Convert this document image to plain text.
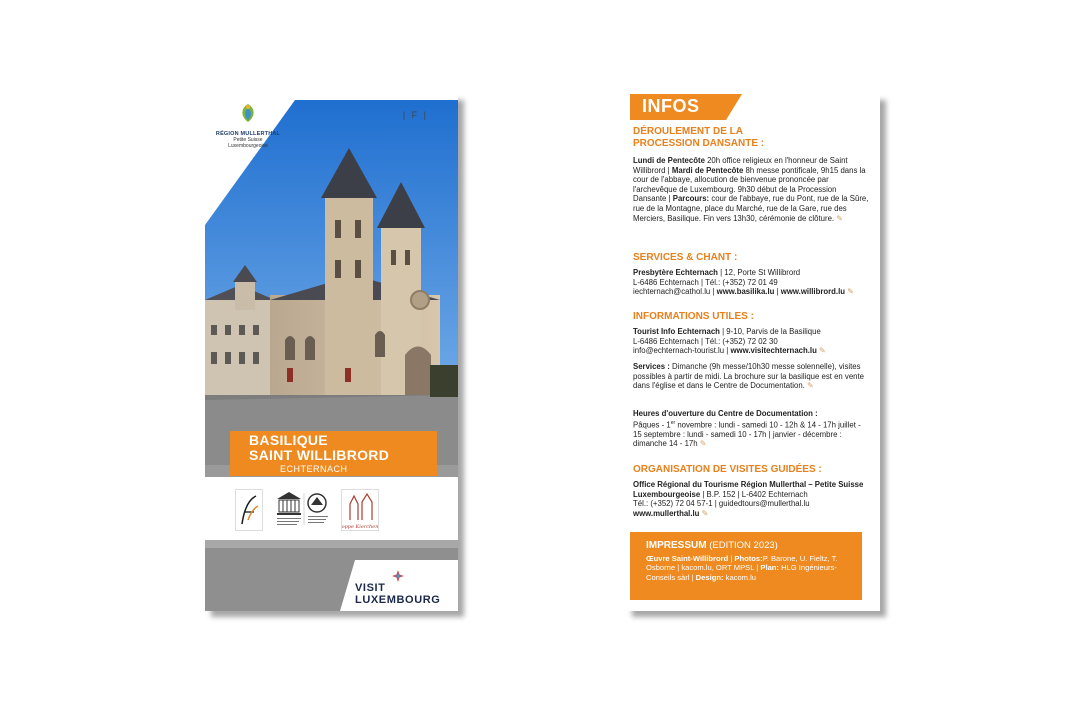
RÉGION MULLERTHAL
Petite Suisse
Luxembourgeoise
| F |
BASILIQUE
SAINT WILLIBRORD
ECHTERNACH
oppe Kierchen
VISIT
LUXEMBOURG
INFOS
DÉROULEMENT DE LA
PROCESSION DANSANTE :
Lundi de Pentecôte 20h office religieux en l'honneur de Saint Willibrord | Mardi de Pentecôte 8h messe pontificale, 9h15 dans la cour de l'abbaye, allocution de bienvenue prononcée par l'archevêque de Luxembourg. 9h30 début de la Procession Dansante | Parcours: cour de l'abbaye, rue du Pont, rue de la Sûre, rue de la Montagne, place du Marché, rue de la Gare, rue des Merciers, Basilique. Fin vers 13h30, cérémonie de clôture. ✎
SERVICES & CHANT :
Presbytère Echternach | 12, Porte St Willibrord
L-6486 Echternach | Tél.: (+352) 72 01 49
iechternach@cathol.lu | www.basilika.lu | www.willibrord.lu ✎
INFORMATIONS UTILES :
Tourist Info Echternach | 9-10, Parvis de la Basilique
L-6486 Echternach | Tél.: (+352) 72 02 30
info@echternach-tourist.lu | www.visitechternach.lu ✎
Services : Dimanche (9h messe/10h30 messe solennelle), visites possibles à partir de midi. La brochure sur la basilique est en vente dans l'église et dans le Centre de Documentation. ✎
Heures d'ouverture du Centre de Documentation :
Pâques - 1er novembre : lundi - samedi 10 - 12h & 14 - 17h juillet - 15 septembre : lundi - samedi 10 - 17h | janvier - décembre : dimanche 14 - 17h ✎
ORGANISATION DE VISITES GUIDÉES :
Office Régional du Tourisme Région Mullerthal – Petite Suisse Luxembourgeoise | B.P. 152 | L-6402 Echternach
Tél.: (+352) 72 04 57-1 | guidedtours@mullerthal.lu
www.mullerthal.lu ✎
IMPRESSUM (EDITION 2023)
Œuvre Saint-Willibrord | Photos:P. Barone, U. Fieltz, T. Osborne | kacom.lu, ORT MPSL | Plan: HLG Ingénieurs-Conseils sàrl | Design: kacom.lu
